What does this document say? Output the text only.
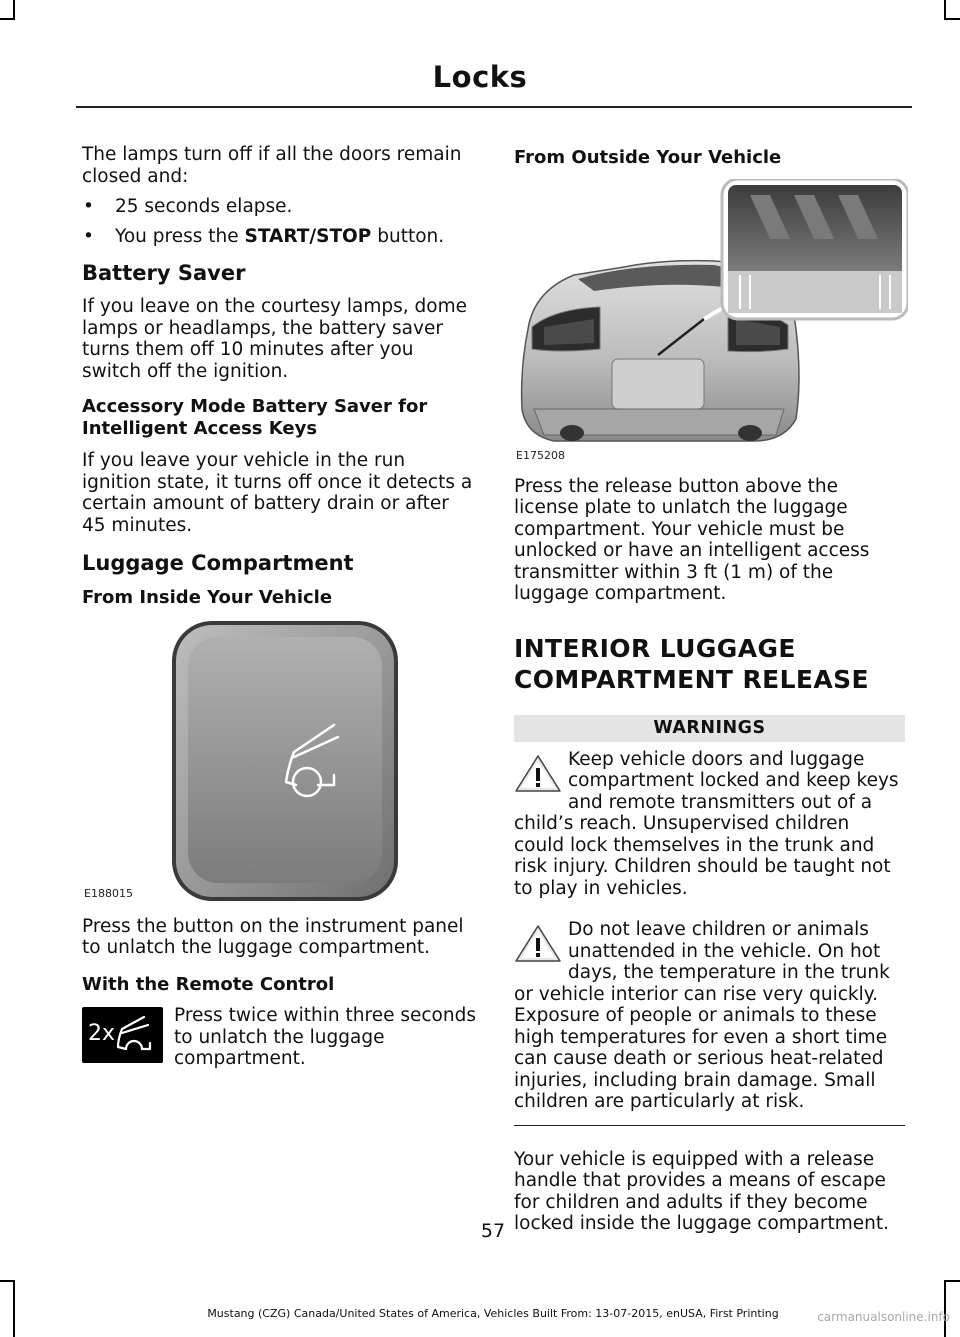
Locks

The lamps turn off if all the doors remain closed and:

• 25 seconds elapse.
• You press the START/STOP button.
Battery Saver

If you leave on the courtesy lamps, dome lamps or headlamps, the battery saver turns them off 10 minutes after you switch off the ignition.

Accessory Mode Battery Saver for Intelligent Access Keys

If you leave your vehicle in the run ignition state, it turns off once it detects a certain amount of battery drain or after 45 minutes.

Luggage Compartment
From Inside Your Vehicle
E188015

Press the button on the instrument panel to unlatch the luggage compartment.

With the Remote Control
2x

Press twice within three seconds to unlatch the luggage compartment.

From Outside Your Vehicle
E175208

Press the release button above the license plate to unlatch the luggage compartment. Your vehicle must be unlocked or have an intelligent access transmitter within 3 ft (1 m) of the luggage compartment.

INTERIOR LUGGAGE
COMPARTMENT RELEASE
WARNINGS

Keep vehicle doors and luggage compartment locked and keep keys and remote transmitters out of a child’s reach. Unsupervised children could lock themselves in the trunk and risk injury. Children should be taught not to play in vehicles.

Do not leave children or animals unattended in the vehicle. On hot days, the temperature in the trunk or vehicle interior can rise very quickly. Exposure of people or animals to these high temperatures for even a short time can cause death or serious heat-related injuries, including brain damage. Small children are particularly at risk.

Your vehicle is equipped with a release handle that provides a means of escape for children and adults if they become locked inside the luggage compartment.

57
Mustang (CZG) Canada/United States of America, Vehicles Built From: 13-07-2015, enUSA, First Printing	carmanualsonline.info
